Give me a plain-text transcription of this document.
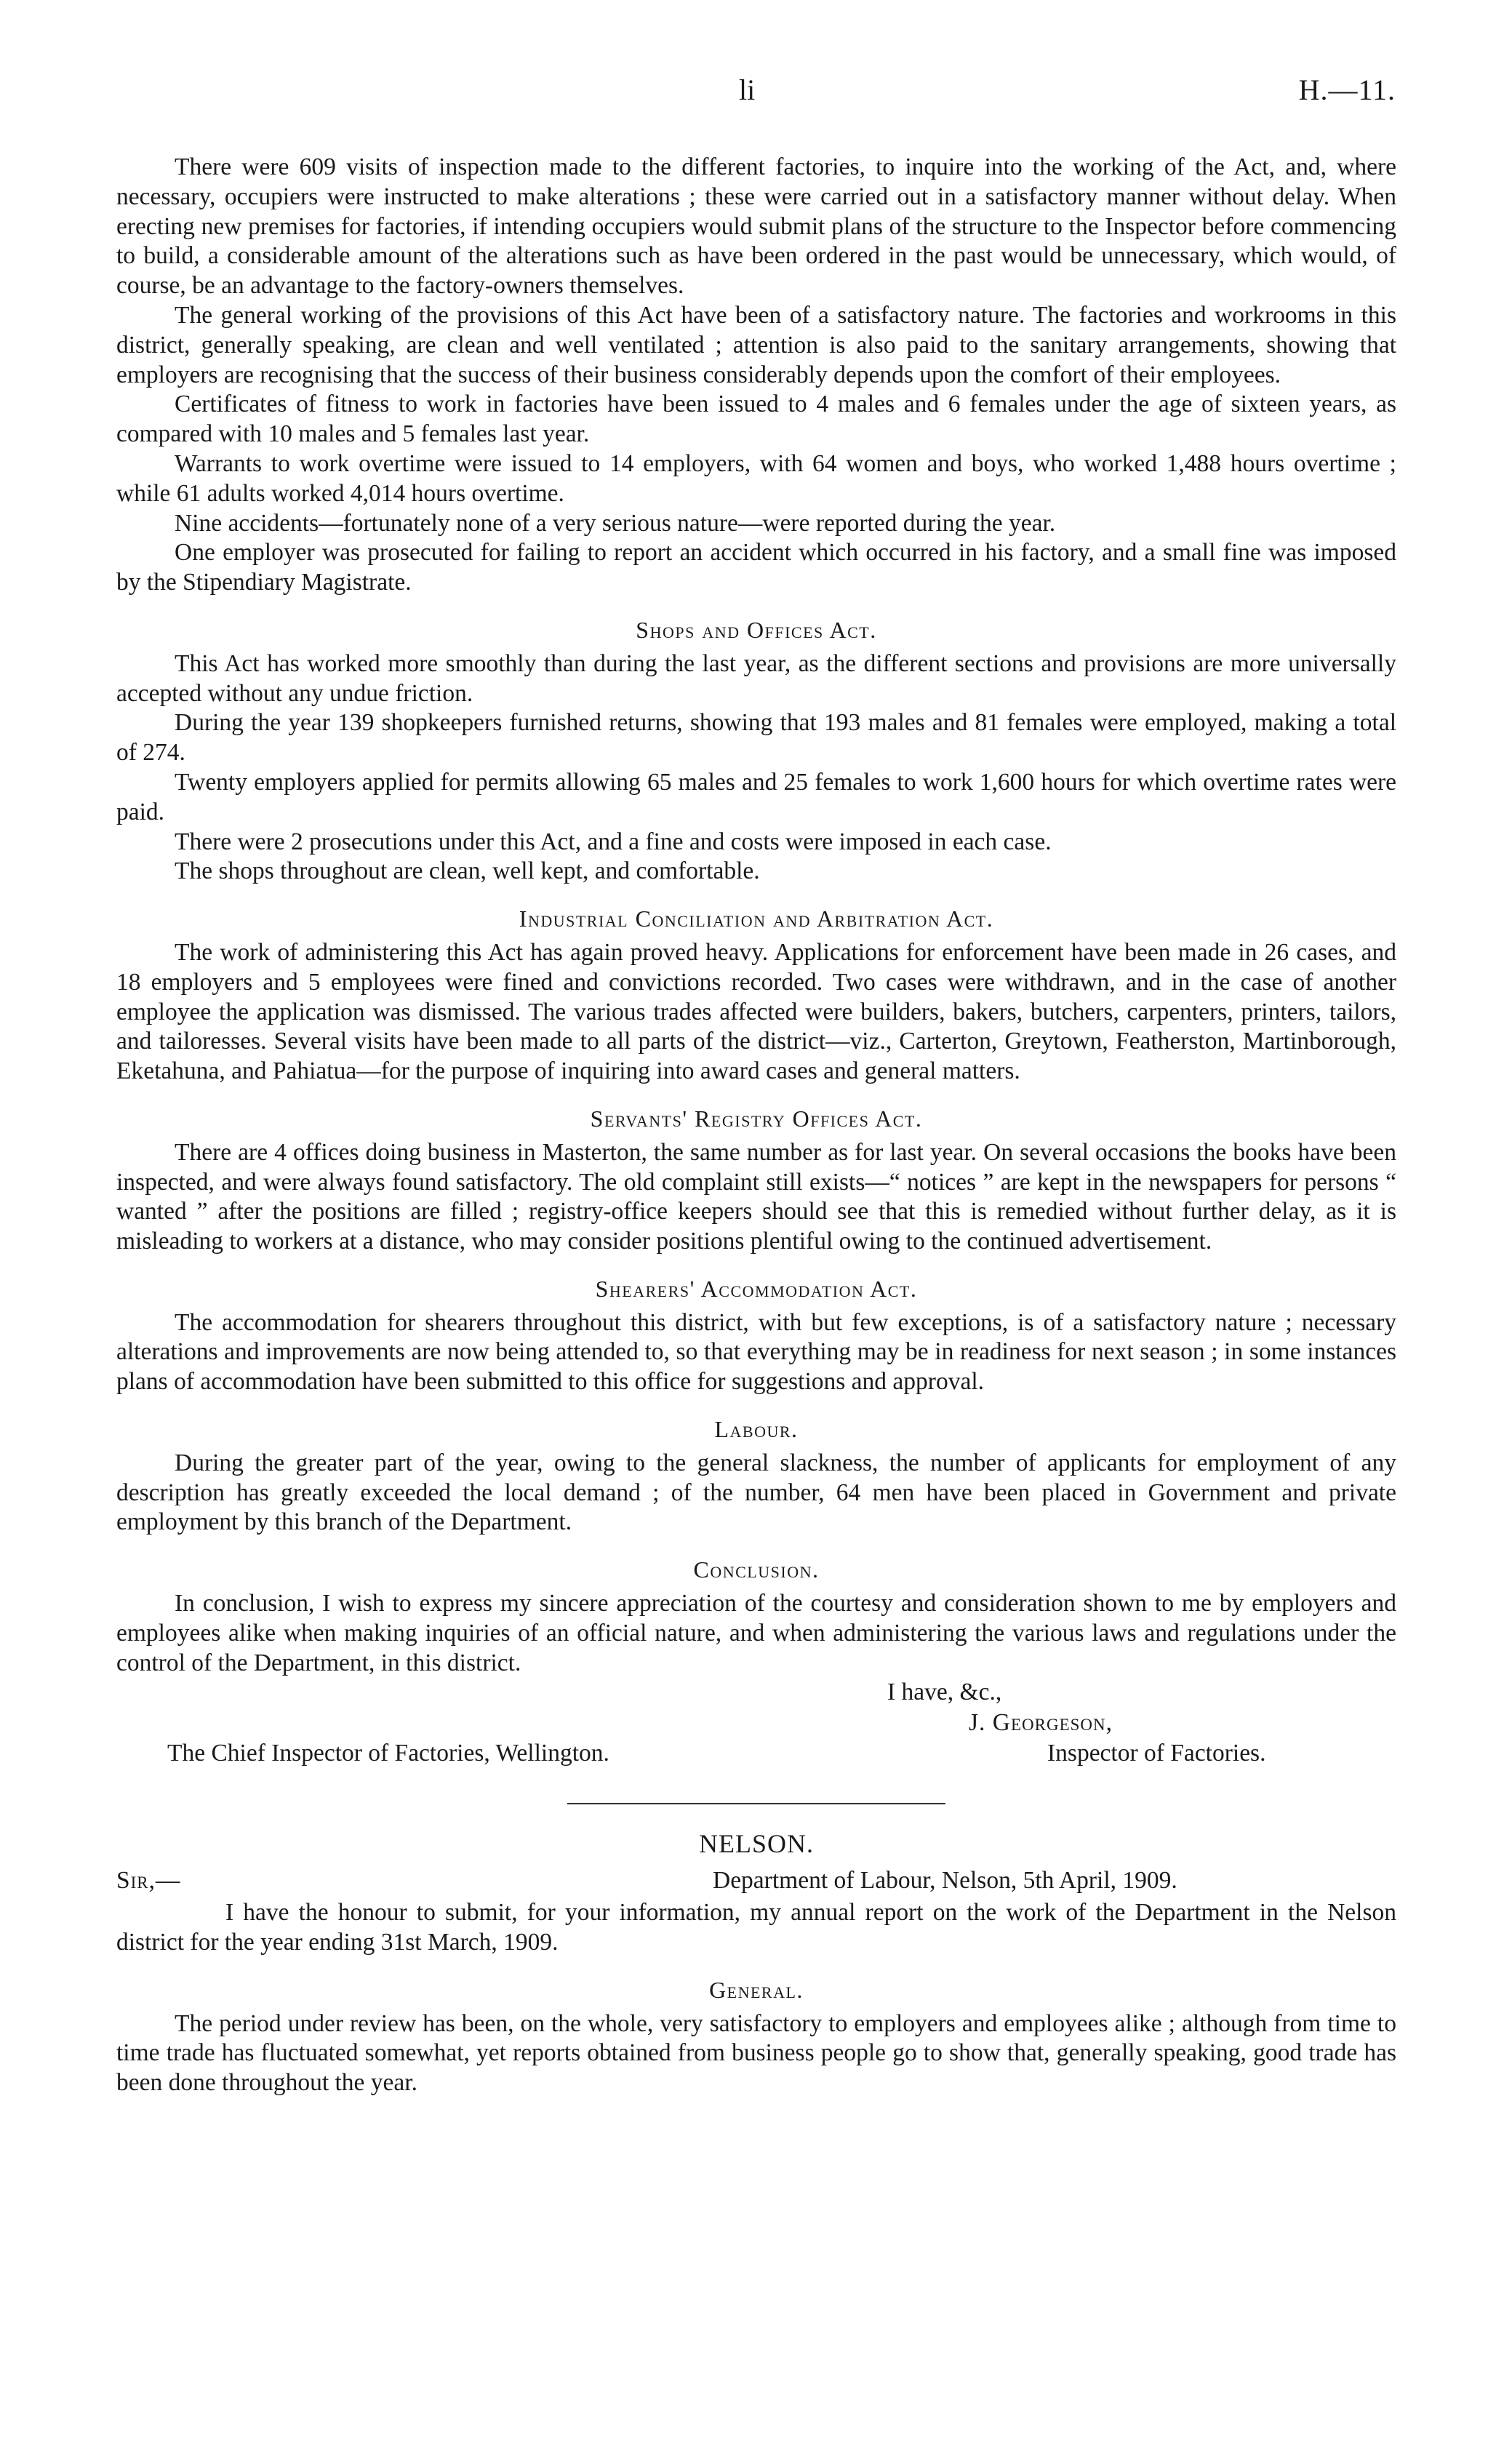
li	H.—11.

There were 609 visits of inspection made to the different factories, to inquire into the working of the Act, and, where necessary, occupiers were instructed to make alterations ; these were carried out in a satisfactory manner without delay. When erecting new premises for factories, if intending occupiers would submit plans of the structure to the Inspector before commencing to build, a considerable amount of the alterations such as have been ordered in the past would be unnecessary, which would, of course, be an advantage to the factory-owners themselves.

The general working of the provisions of this Act have been of a satisfactory nature. The factories and workrooms in this district, generally speaking, are clean and well ventilated ; attention is also paid to the sanitary arrangements, showing that employers are recognising that the success of their business considerably depends upon the comfort of their employees.

Certificates of fitness to work in factories have been issued to 4 males and 6 females under the age of sixteen years, as compared with 10 males and 5 females last year.

Warrants to work overtime were issued to 14 employers, with 64 women and boys, who worked 1,488 hours overtime ; while 61 adults worked 4,014 hours overtime.

Nine accidents—fortunately none of a very serious nature—were reported during the year.

One employer was prosecuted for failing to report an accident which occurred in his factory, and a small fine was imposed by the Stipendiary Magistrate.

Shops and Offices Act.

This Act has worked more smoothly than during the last year, as the different sections and provisions are more universally accepted without any undue friction.

During the year 139 shopkeepers furnished returns, showing that 193 males and 81 females were employed, making a total of 274.

Twenty employers applied for permits allowing 65 males and 25 females to work 1,600 hours for which overtime rates were paid.

There were 2 prosecutions under this Act, and a fine and costs were imposed in each case.

The shops throughout are clean, well kept, and comfortable.

Industrial Conciliation and Arbitration Act.

The work of administering this Act has again proved heavy. Applications for enforcement have been made in 26 cases, and 18 employers and 5 employees were fined and convictions recorded. Two cases were withdrawn, and in the case of another employee the application was dismissed. The various trades affected were builders, bakers, butchers, carpenters, printers, tailors, and tailoresses. Several visits have been made to all parts of the district—viz., Carterton, Greytown, Featherston, Martinborough, Eketahuna, and Pahiatua—for the purpose of inquiring into award cases and general matters.

Servants' Registry Offices Act.

There are 4 offices doing business in Masterton, the same number as for last year. On several occasions the books have been inspected, and were always found satisfactory. The old complaint still exists—“ notices ” are kept in the newspapers for persons “ wanted ” after the positions are filled ; registry-office keepers should see that this is remedied without further delay, as it is misleading to workers at a distance, who may consider positions plentiful owing to the continued advertisement.

Shearers' Accommodation Act.

The accommodation for shearers throughout this district, with but few exceptions, is of a satisfactory nature ; necessary alterations and improvements are now being attended to, so that everything may be in readiness for next season ; in some instances plans of accommodation have been submitted to this office for suggestions and approval.

Labour.

During the greater part of the year, owing to the general slackness, the number of applicants for employment of any description has greatly exceeded the local demand ; of the number, 64 men have been placed in Government and private employment by this branch of the Department.

Conclusion.

In conclusion, I wish to express my sincere appreciation of the courtesy and consideration shown to me by employers and employees alike when making inquiries of an official nature, and when administering the various laws and regulations under the control of the Department, in this district.

I have, &c.,
J. Georgeson,
The Chief Inspector of Factories, Wellington.	Inspector of Factories.
NELSON.
Sir,—	Department of Labour, Nelson, 5th April, 1909.

I have the honour to submit, for your information, my annual report on the work of the Department in the Nelson district for the year ending 31st March, 1909.

General.

The period under review has been, on the whole, very satisfactory to employers and employees alike ; although from time to time trade has fluctuated somewhat, yet reports obtained from business people go to show that, generally speaking, good trade has been done throughout the year.
